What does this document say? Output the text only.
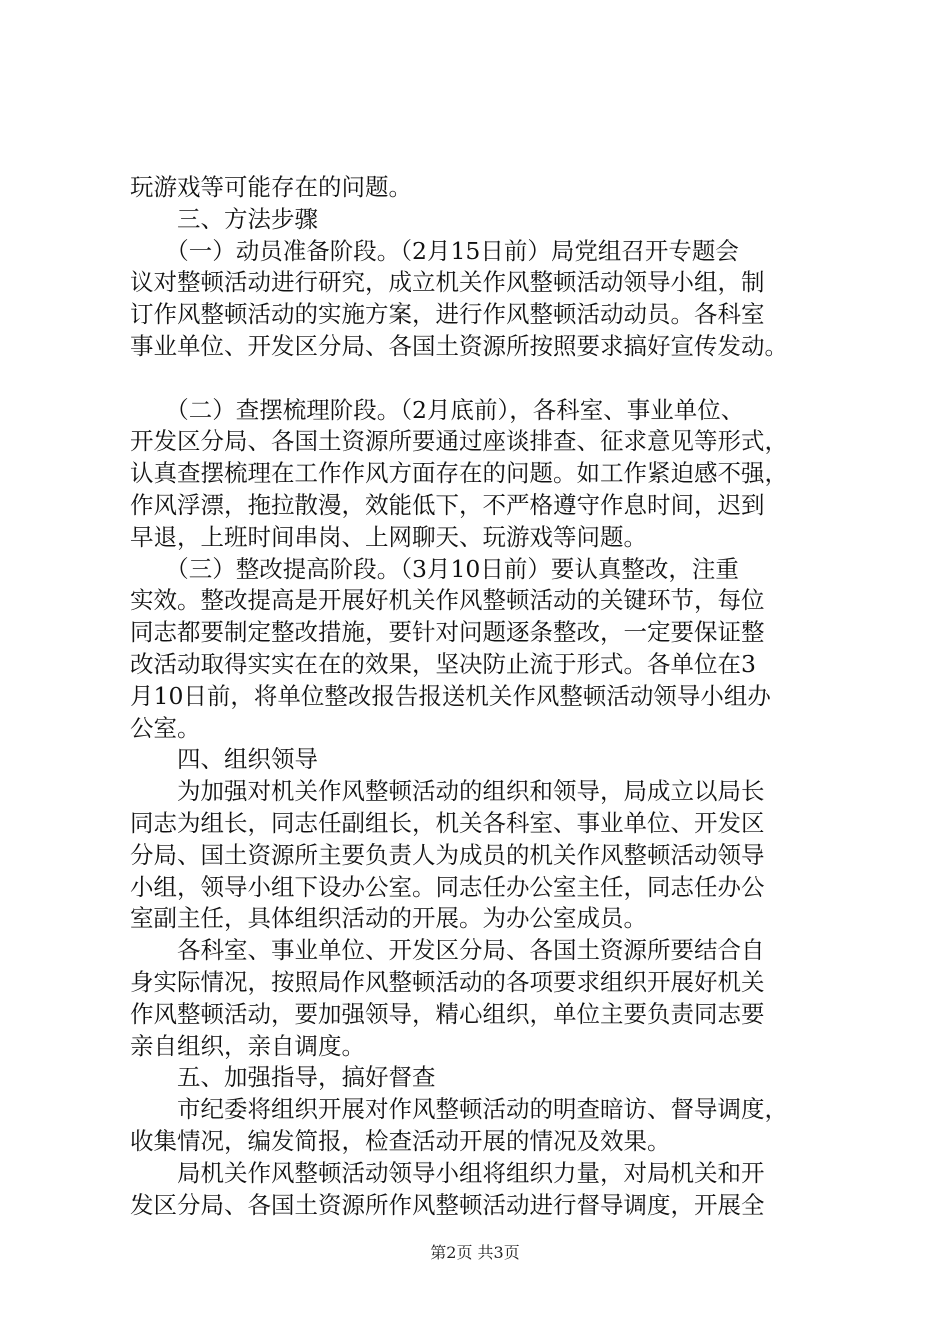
玩游戏等可能存在的问题。
　　三、方法步骤
　　（一）动员准备阶段。（2月15日前）局党组召开专题会
议对整顿活动进行研究，成立机关作风整顿活动领导小组，制
订作风整顿活动的实施方案，进行作风整顿活动动员。各科室
事业单位、开发区分局、各国土资源所按照要求搞好宣传发动。
　　（二）查摆梳理阶段。（2月底前），各科室、事业单位、
开发区分局、各国土资源所要通过座谈排查、征求意见等形式，
认真查摆梳理在工作作风方面存在的问题。如工作紧迫感不强，
作风浮漂，拖拉散漫，效能低下，不严格遵守作息时间，迟到
早退，上班时间串岗、上网聊天、玩游戏等问题。
　　（三）整改提高阶段。（3月10日前）要认真整改，注重
实效。整改提高是开展好机关作风整顿活动的关键环节，每位
同志都要制定整改措施，要针对问题逐条整改，一定要保证整
改活动取得实实在在的效果，坚决防止流于形式。各单位在3
月10日前，将单位整改报告报送机关作风整顿活动领导小组办
公室。
　　四、组织领导
　　为加强对机关作风整顿活动的组织和领导，局成立以局长
同志为组长，同志任副组长，机关各科室、事业单位、开发区
分局、国土资源所主要负责人为成员的机关作风整顿活动领导
小组，领导小组下设办公室。同志任办公室主任，同志任办公
室副主任，具体组织活动的开展。为办公室成员。
　　各科室、事业单位、开发区分局、各国土资源所要结合自
身实际情况，按照局作风整顿活动的各项要求组织开展好机关
作风整顿活动，要加强领导，精心组织，单位主要负责同志要
亲自组织，亲自调度。
　　五、加强指导，搞好督查
　　市纪委将组织开展对作风整顿活动的明查暗访、督导调度，
收集情况，编发简报，检查活动开展的情况及效果。
　　局机关作风整顿活动领导小组将组织力量，对局机关和开
发区分局、各国土资源所作风整顿活动进行督导调度，开展全
第2页 共3页
